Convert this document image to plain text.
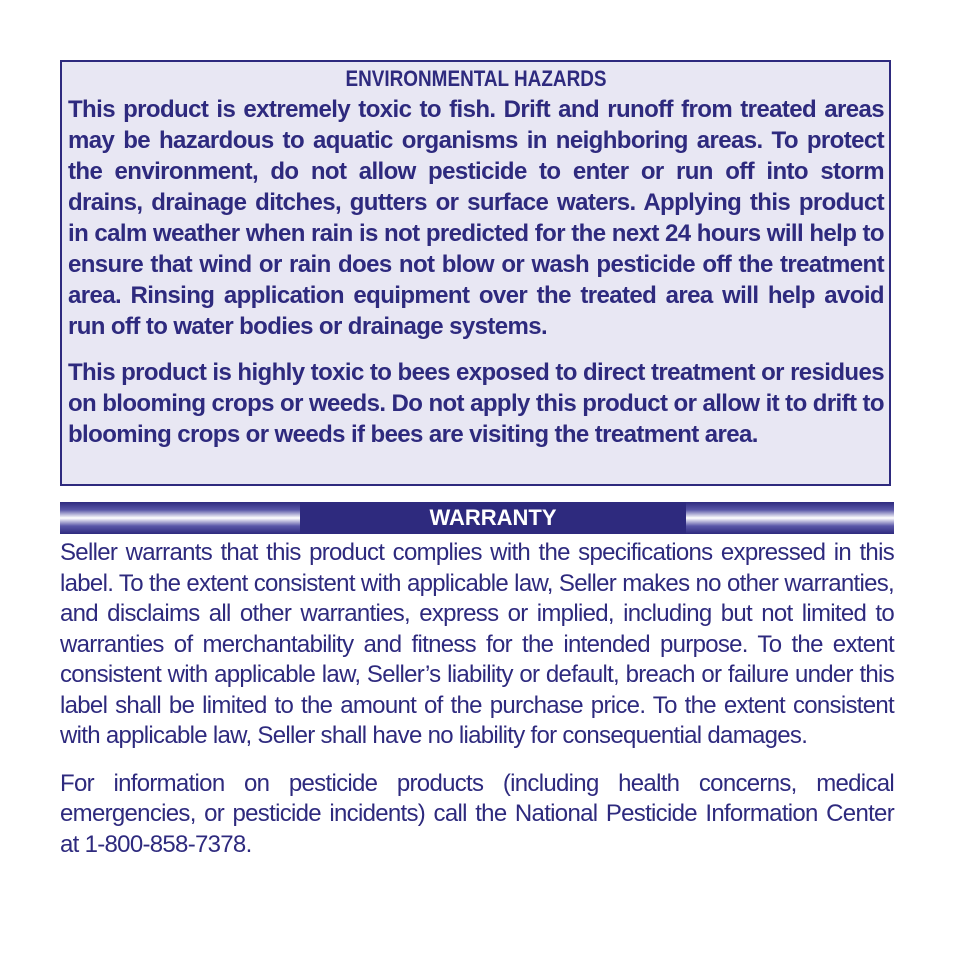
ENVIRONMENTAL HAZARDS

This product is extremely toxic to fish. Drift and runoff from treated areas may be hazardous to aquatic organisms in neighboring areas. To protect the environment, do not allow pesticide to enter or run off into storm drains, drainage ditches, gutters or surface waters. Applying this product in calm weather when rain is not predicted for the next 24 hours will help to ensure that wind or rain does not blow or wash pesticide off the treatment area. Rinsing application equipment over the treated area will help avoid run off to water bodies or drainage systems.

This product is highly toxic to bees exposed to direct treatment or residues on blooming crops or weeds. Do not apply this product or allow it to drift to blooming crops or weeds if bees are visiting the treatment area.

WARRANTY

Seller warrants that this product complies with the specifications expressed in this label. To the extent consistent with applicable law, Seller makes no other warranties, and disclaims all other warranties, express or implied, including but not limited to warranties of merchantability and fitness for the intended purpose. To the extent consistent with applicable law, Seller’s liability or default, breach or failure under this label shall be limited to the amount of the purchase price. To the extent consistent with applicable law, Seller shall have no liability for consequential damages.

For information on pesticide products (including health concerns, medical emergencies, or pesticide incidents) call the National Pesticide Information Center at 1-800-858-7378.
